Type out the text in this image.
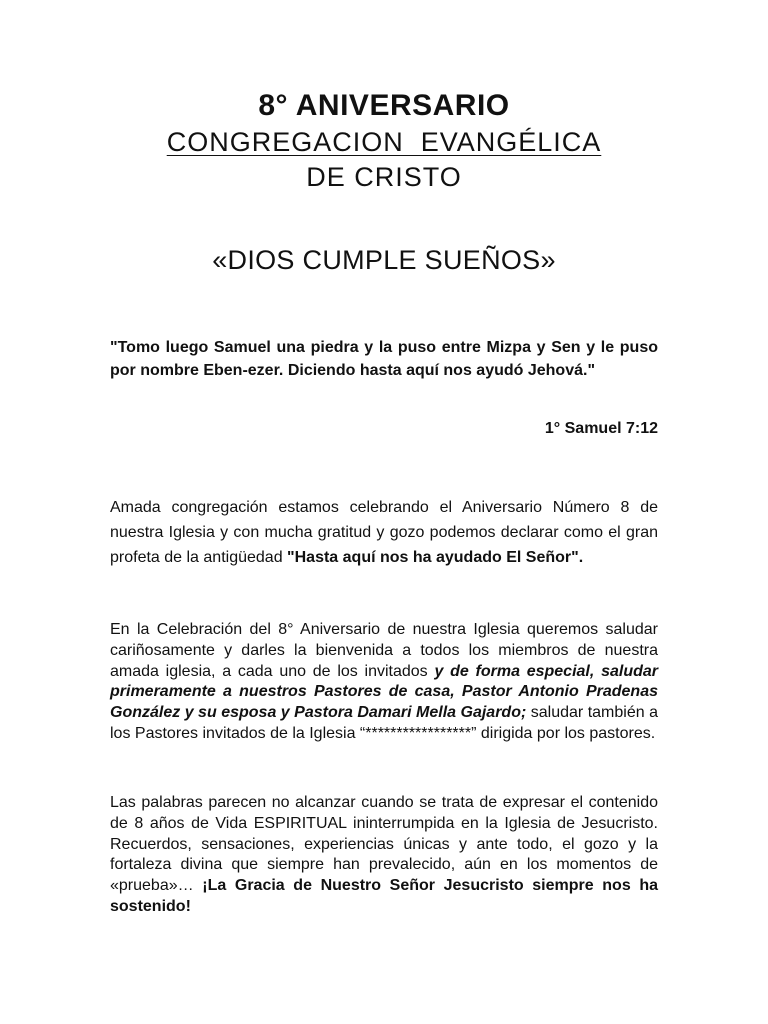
8° ANIVERSARIO
CONGREGACION  EVANGÉLICA
DE CRISTO
«DIOS CUMPLE SUEÑOS»
"Tomo luego Samuel una piedra y la puso entre Mizpa y Sen y le puso por nombre Eben-ezer. Diciendo hasta aquí nos ayudó Jehová."
1° Samuel 7:12
Amada congregación estamos celebrando el Aniversario Número 8 de nuestra Iglesia y con mucha gratitud y gozo podemos declarar como el gran profeta de la antigüedad "Hasta aquí nos ha ayudado El Señor".
En la Celebración del 8° Aniversario de nuestra Iglesia queremos saludar cariñosamente y darles la bienvenida a todos los miembros de nuestra amada iglesia, a cada uno de los invitados y de forma especial, saludar primeramente a nuestros Pastores de casa, Pastor Antonio Pradenas González y su esposa y Pastora Damari Mella Gajardo; saludar también a los Pastores invitados de la Iglesia “*****************” dirigida por los pastores.
Las palabras parecen no alcanzar cuando se trata de expresar el contenido de 8 años de Vida ESPIRITUAL ininterrumpida en la Iglesia de Jesucristo. Recuerdos, sensaciones, experiencias únicas y ante todo, el gozo y la fortaleza divina que siempre han prevalecido, aún en los momentos de «prueba»… ¡La Gracia de Nuestro Señor Jesucristo siempre nos ha sostenido!
